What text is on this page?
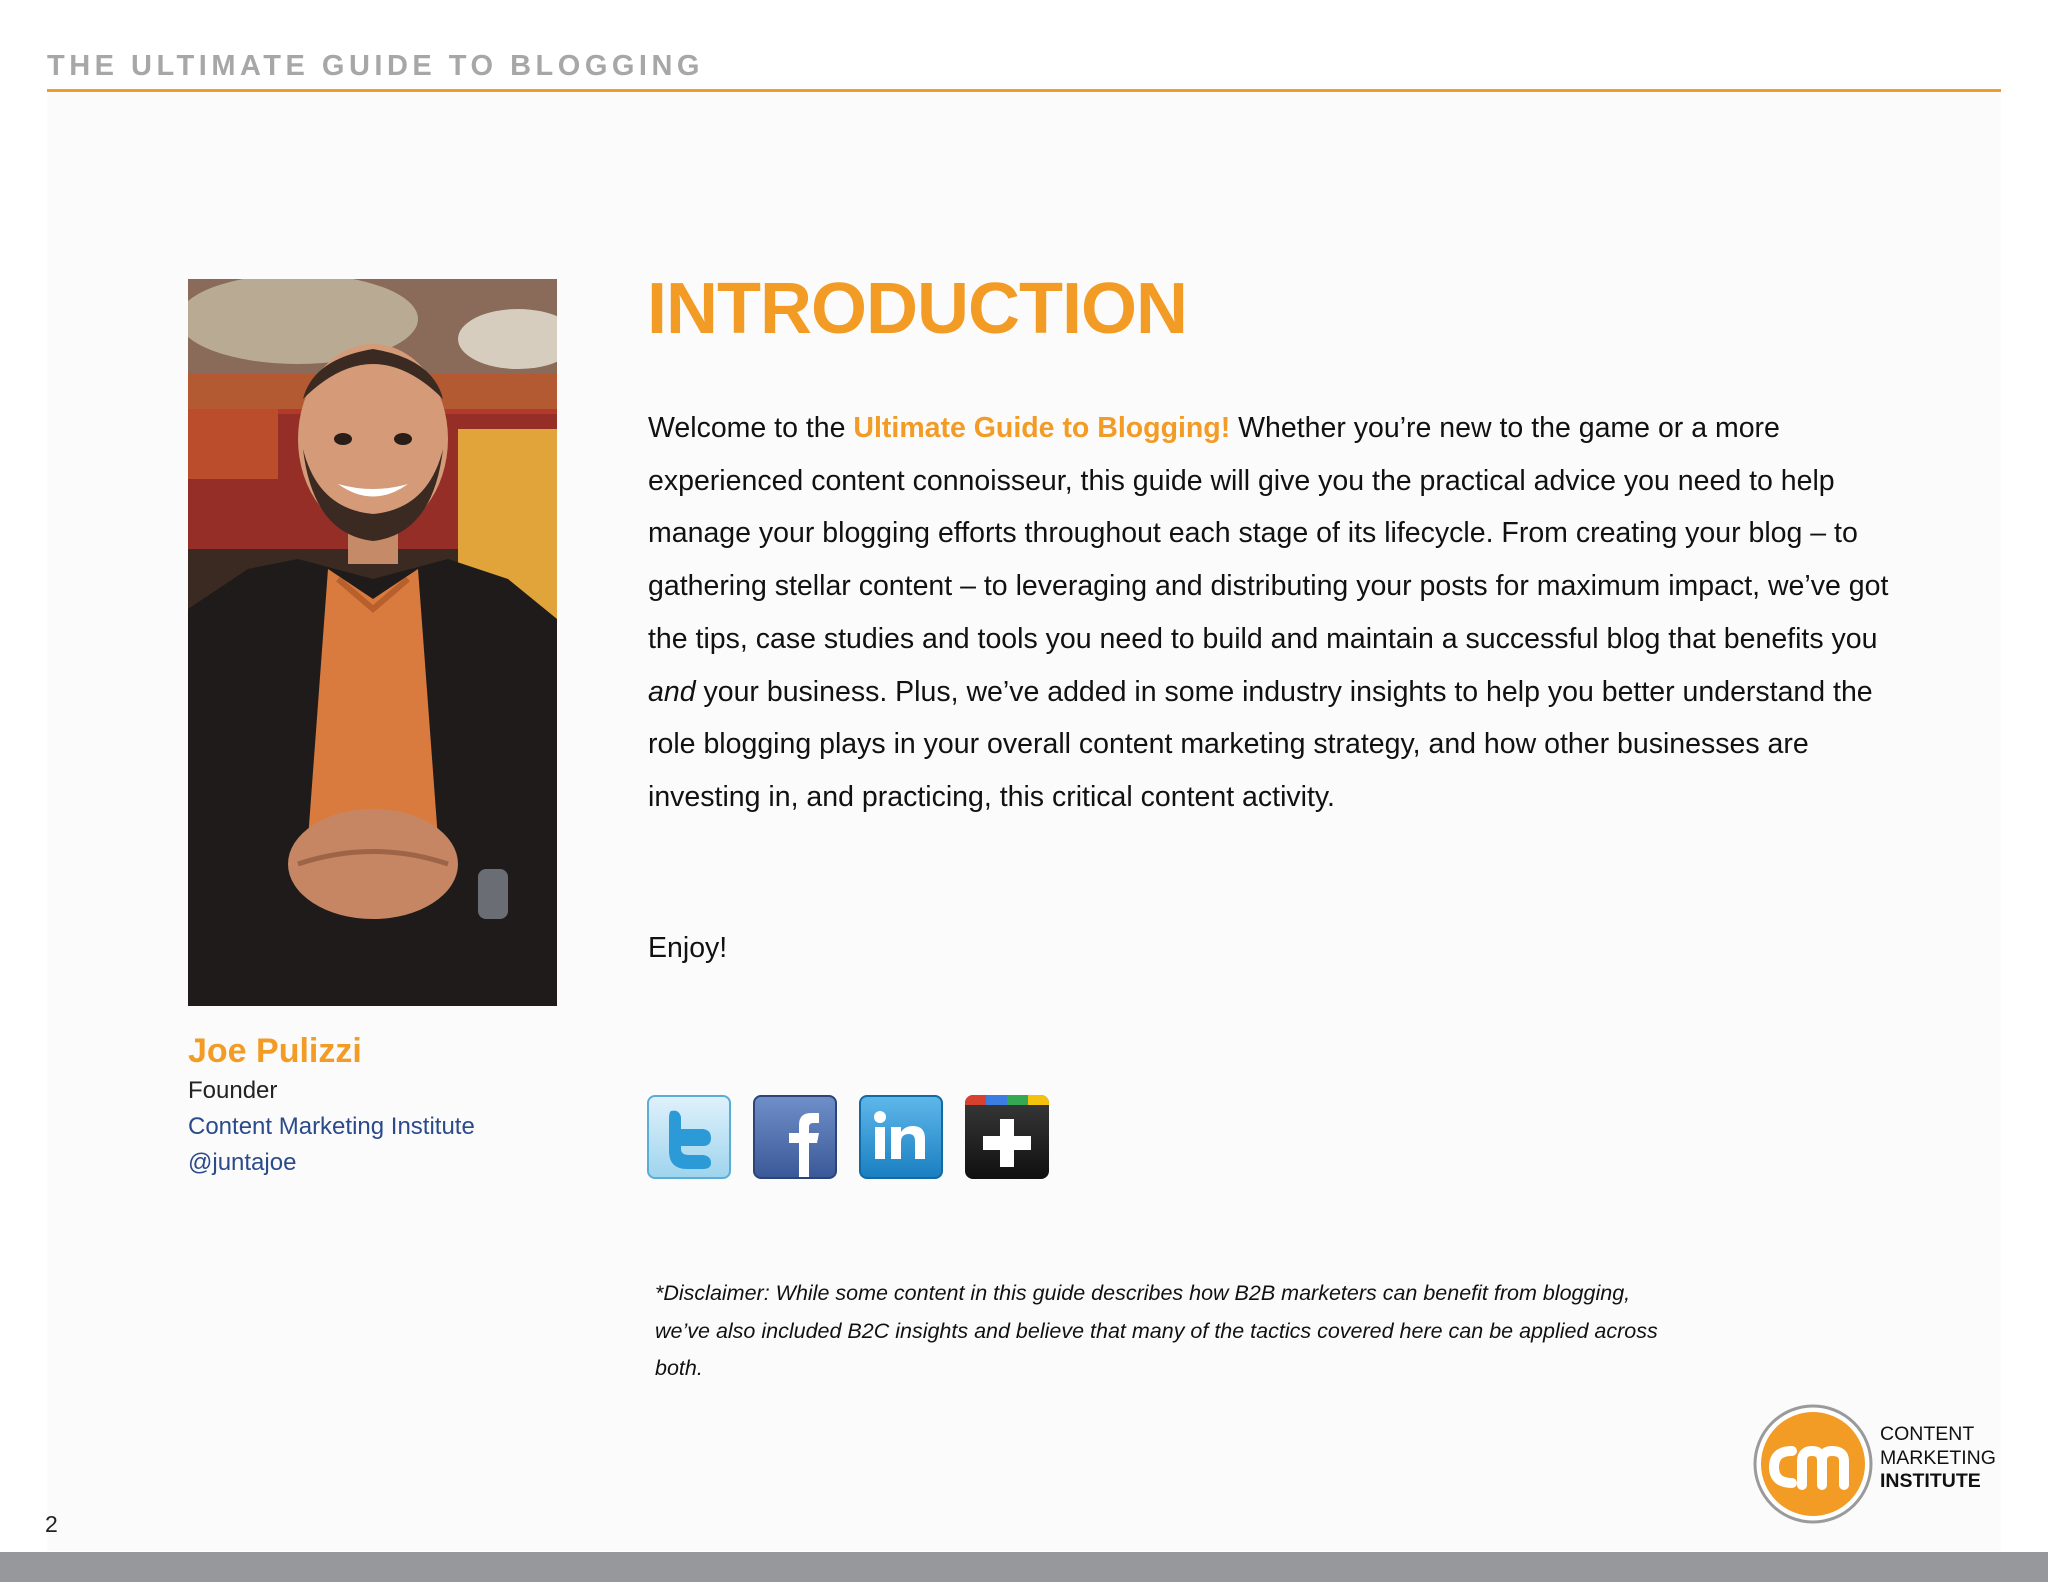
THE ULTIMATE GUIDE TO BLOGGING
Joe Pulizzi
Founder
Content Marketing Institute
@juntajoe
INTRODUCTION
Welcome to the Ultimate Guide to Blogging! Whether you’re new to the game or a more experienced content connoisseur, this guide will give you the practical advice you need to help manage your blogging efforts throughout each stage of its lifecycle. From creating your blog – to gathering stellar content – to leveraging and distributing your posts for maximum impact, we’ve got the tips, case studies and tools you need to build and maintain a successful blog that benefits you and your business. Plus, we’ve added in some industry insights to help you better understand the role blogging plays in your overall content marketing strategy, and how other businesses are investing in, and practicing, this critical content activity.
Enjoy!
*Disclaimer: While some content in this guide describes how B2B marketers can benefit from blogging, we’ve also included B2C insights and believe that many of the tactics covered here can be applied across both.
CONTENT
MARKETING
INSTITUTE
2
